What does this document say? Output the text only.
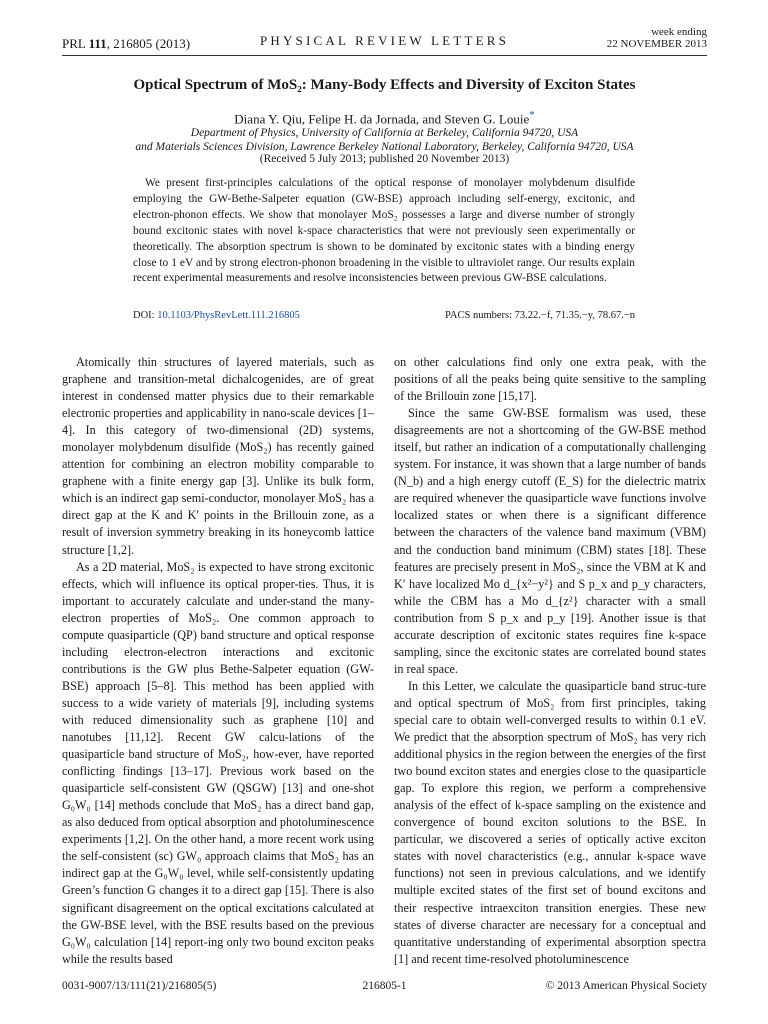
PRL 111, 216805 (2013)	PHYSICAL REVIEW LETTERS
week ending
22 NOVEMBER 2013
Optical Spectrum of MoS₂: Many-Body Effects and Diversity of Exciton States
Diana Y. Qiu, Felipe H. da Jornada, and Steven G. Louie*
Department of Physics, University of California at Berkeley, California 94720, USA
and Materials Sciences Division, Lawrence Berkeley National Laboratory, Berkeley, California 94720, USA
(Received 5 July 2013; published 20 November 2013)

We present first-principles calculations of the optical response of monolayer molybdenum disulfide employing the GW-Bethe-Salpeter equation (GW-BSE) approach including self-energy, excitonic, and electron-phonon effects. We show that monolayer MoS₂ possesses a large and diverse number of strongly bound excitonic states with novel k-space characteristics that were not previously seen experimentally or theoretically. The absorption spectrum is shown to be dominated by excitonic states with a binding energy close to 1 eV and by strong electron-phonon broadening in the visible to ultraviolet range. Our results explain recent experimental measurements and resolve inconsistencies between previous GW-BSE calculations.

DOI: 10.1103/PhysRevLett.111.216805	PACS numbers: 73.22.−f, 71.35.−y, 78.67.−n

Atomically thin structures of layered materials, such as graphene and transition-metal dichalcogenides, are of great interest in condensed matter physics due to their remarkable electronic properties and applicability in nano-scale devices [1–4]. In this category of two-dimensional (2D) systems, monolayer molybdenum disulfide (MoS₂) has recently gained attention for combining an electron mobility comparable to graphene with a finite energy gap [3]. Unlike its bulk form, which is an indirect gap semi-conductor, monolayer MoS₂ has a direct gap at the K and K′ points in the Brillouin zone, as a result of inversion symmetry breaking in its honeycomb lattice structure [1,2].

As a 2D material, MoS₂ is expected to have strong excitonic effects, which will influence its optical proper-ties. Thus, it is important to accurately calculate and under-stand the many-electron properties of MoS₂. One common approach to compute quasiparticle (QP) band structure and optical response including electron-electron interactions and excitonic contributions is the GW plus Bethe-Salpeter equation (GW-BSE) approach [5–8]. This method has been applied with success to a wide variety of materials [9], including systems with reduced dimensionality such as graphene [10] and nanotubes [11,12]. Recent GW calcu-lations of the quasiparticle band structure of MoS₂, how-ever, have reported conflicting findings [13–17]. Previous work based on the quasiparticle self-consistent GW (QSGW) [13] and one-shot G₀W₀ [14] methods conclude that MoS₂ has a direct band gap, as also deduced from optical absorption and photoluminescence experiments [1,2]. On the other hand, a more recent work using the self-consistent (sc) GW₀ approach claims that MoS₂ has an indirect gap at the G₀W₀ level, while self-consistently updating Green’s function G changes it to a direct gap [15]. There is also significant disagreement on the optical excitations calculated at the GW-BSE level, with the BSE results based on the previous G₀W₀ calculation [14] report-ing only two bound exciton peaks while the results based

on other calculations find only one extra peak, with the positions of all the peaks being quite sensitive to the sampling of the Brillouin zone [15,17].

Since the same GW-BSE formalism was used, these disagreements are not a shortcoming of the GW-BSE method itself, but rather an indication of a computationally challenging system. For instance, it was shown that a large number of bands (N_b) and a high energy cutoff (E_S) for the dielectric matrix are required whenever the quasiparticle wave functions involve localized states or when there is a significant difference between the characters of the valence band maximum (VBM) and the conduction band minimum (CBM) states [18]. These features are precisely present in MoS₂, since the VBM at K and K′ have localized Mo d_{x²−y²} and S p_x and p_y characters, while the CBM has a Mo d_{z²} character with a small contribution from S p_x and p_y [19]. Another issue is that accurate description of excitonic states requires fine k-space sampling, since the excitonic states are correlated bound states in real space.

In this Letter, we calculate the quasiparticle band struc-ture and optical spectrum of MoS₂ from first principles, taking special care to obtain well-converged results to within 0.1 eV. We predict that the absorption spectrum of MoS₂ has very rich additional physics in the region between the energies of the first two bound exciton states and energies close to the quasiparticle gap. To explore this region, we perform a comprehensive analysis of the effect of k-space sampling on the existence and convergence of bound exciton solutions to the BSE. In particular, we discovered a series of optically active exciton states with novel characteristics (e.g., annular k-space wave functions) not seen in previous calculations, and we identify multiple excited states of the first set of bound excitons and their respective intraexciton transition energies. These new states of diverse character are necessary for a conceptual and quantitative understanding of experimental absorption spectra [1] and recent time-resolved photoluminescence

0031-9007/13/111(21)/216805(5)	216805-1	© 2013 American Physical Society
